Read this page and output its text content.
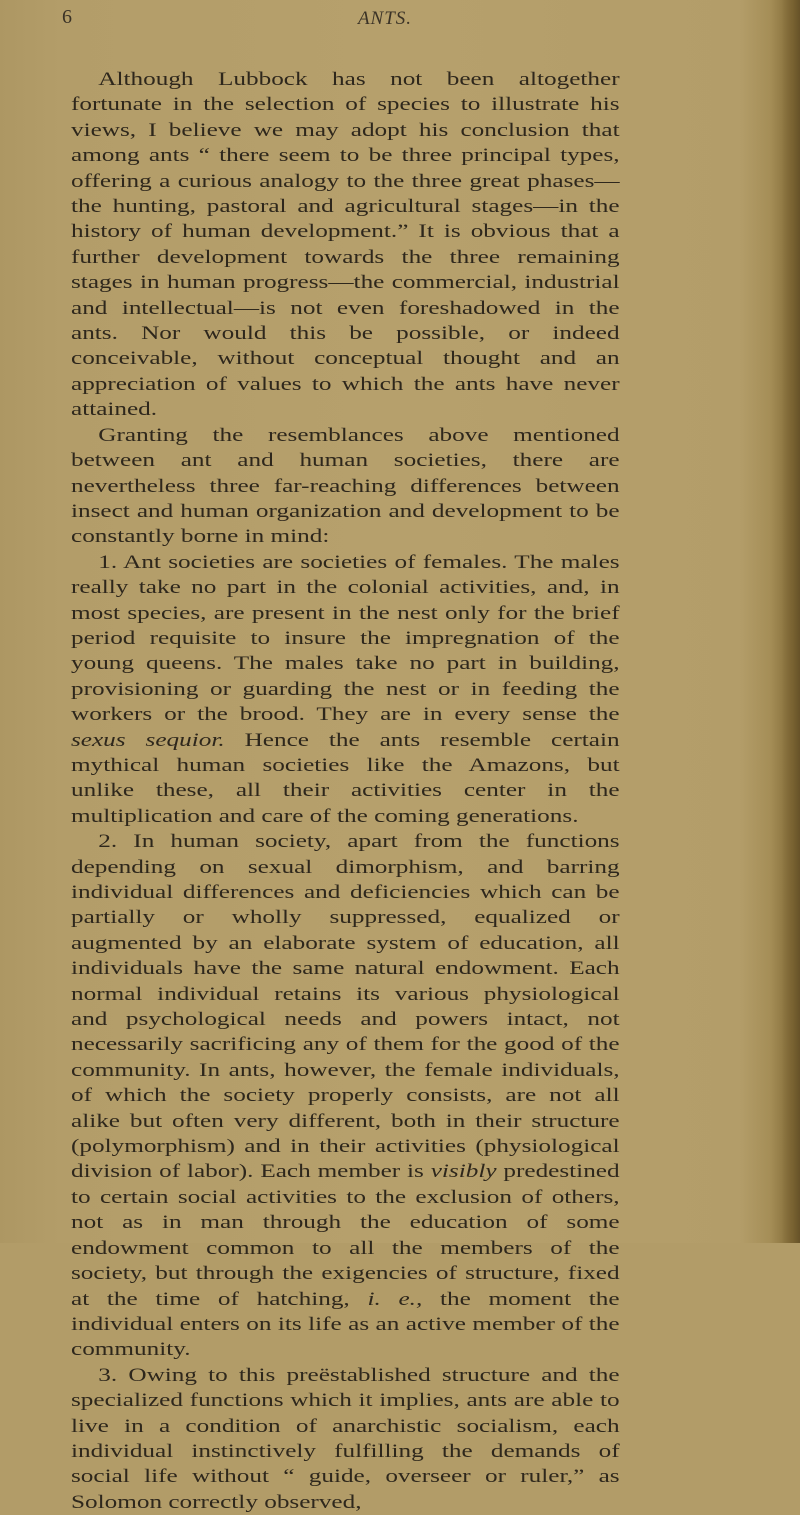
6	ANTS.

Although Lubbock has not been altogether fortunate in the selection of species to illustrate his views, I believe we may adopt his conclusion that among ants “ there seem to be three principal types, offering a curious analogy to the three great phases—the hunting, pastoral and agricultural stages—in the history of human development.” It is obvious that a further development towards the three remaining stages in human progress—the commercial, industrial and intellectual—is not even foreshadowed in the ants. Nor would this be possible, or indeed conceivable, without conceptual thought and an appreciation of values to which the ants have never attained.

Granting the resemblances above mentioned between ant and human societies, there are nevertheless three far-reaching differences between insect and human organization and development to be constantly borne in mind:

1. Ant societies are societies of females. The males really take no part in the colonial activities, and, in most species, are present in the nest only for the brief period requisite to insure the impregnation of the young queens. The males take no part in building, provisioning or guarding the nest or in feeding the workers or the brood. They are in every sense the sexus sequior. Hence the ants resemble certain mythical human societies like the Amazons, but unlike these, all their activities center in the multiplication and care of the coming generations.

2. In human society, apart from the functions depending on sexual dimorphism, and barring individual differences and deficiencies which can be partially or wholly suppressed, equalized or augmented by an elaborate system of education, all individuals have the same natural endowment. Each normal individual retains its various physiological and psychological needs and powers intact, not necessarily sacrificing any of them for the good of the community. In ants, however, the female individuals, of which the society properly consists, are not all alike but often very different, both in their structure (polymorphism) and in their activities (physiological division of labor). Each member is visibly predestined to certain social activities to the exclusion of others, not as in man through the education of some endowment common to all the members of the society, but through the exigencies of structure, fixed at the time of hatching, i. e., the moment the individual enters on its life as an active member of the community.

3. Owing to this preëstablished structure and the specialized functions which it implies, ants are able to live in a condition of anarchistic socialism, each individual instinctively fulfilling the demands of social life without “ guide, overseer or ruler,” as Solomon correctly observed,
